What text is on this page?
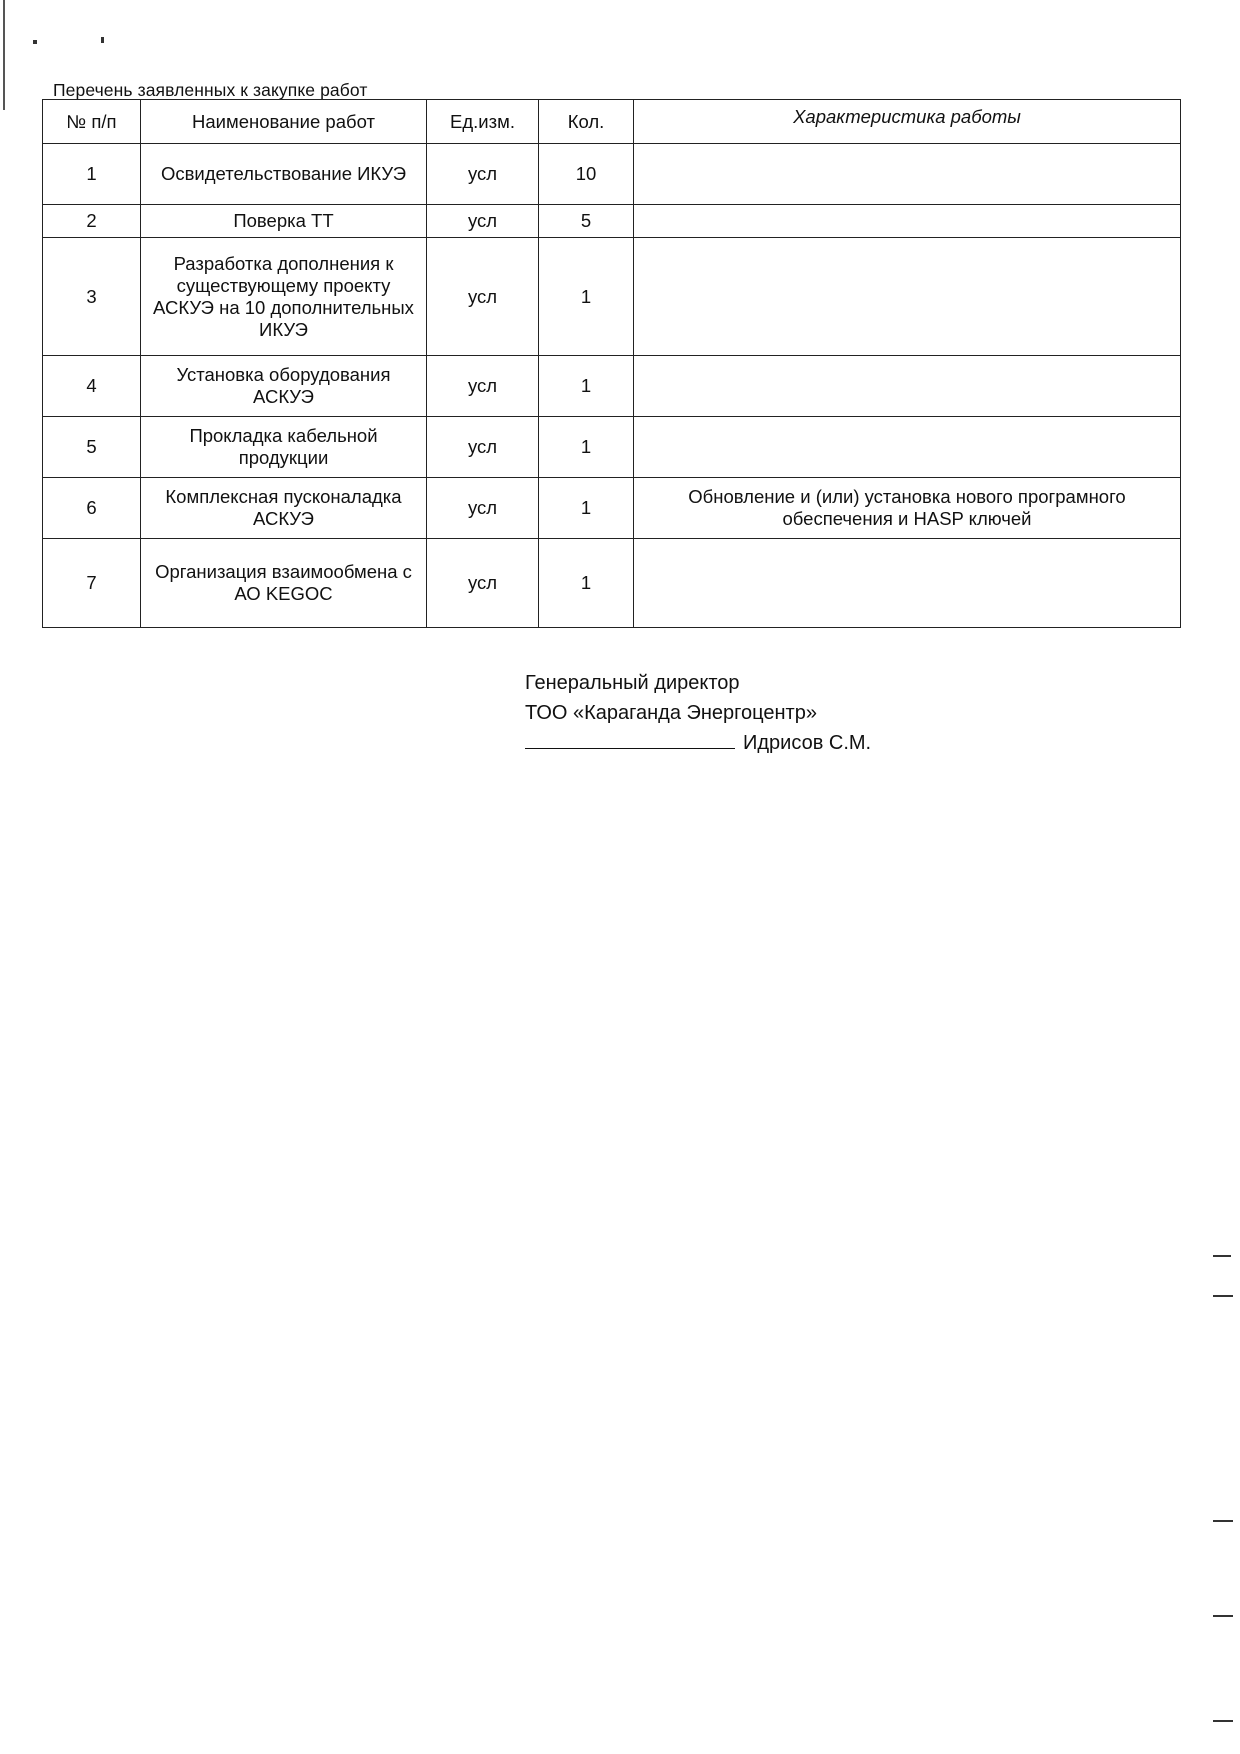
Перечень заявленных к закупке работ
№ п/п	Наименование работ	Ед.изм.	Кол.	Характеристика работы
1	Освидетельствование ИКУЭ	усл	10	
2	Поверка ТТ	усл	5	
3	Разработка дополнения к существующему проекту АСКУЭ на 10 дополнительных ИКУЭ	усл	1	
4	Установка оборудования АСКУЭ	усл	1	
5	Прокладка кабельной продукции	усл	1	
6	Комплексная пусконаладка АСКУЭ	усл	1	Обновление и (или) установка нового програмного обеспечения и HASP ключей
7	Организация взаимообмена с АО KEGOC	усл	1	
Генеральный директор
ТОО «Караганда Энергоцентр»
Идрисов С.М.
